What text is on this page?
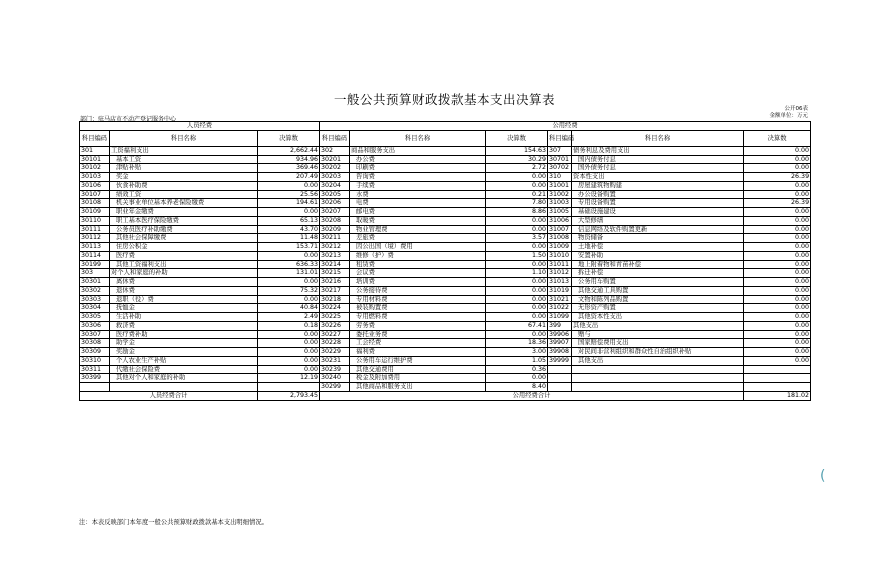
一般公共预算财政拨款基本支出决算表
公开06表
金额单位：万元
部门：驻马店市不动产登记服务中心
人员经费			公用经费					
科目编码	科目名称	决算数	科目编码	科目名称	决算数	科目编码	科目名称	决算数
301	工资福利支出	2,662.44	302	商品和服务支出	154.63	307	债务利息及费用支出	0.00
30101	基本工资	934.96	30201	办公费	30.29	30701	国内债务付息	0.00
30102	津贴补贴	369.46	30202	印刷费	2.72	30702	国外债务付息	0.00
30103	奖金	207.49	30203	咨询费	0.00	310	资本性支出	26.39
30106	伙食补助费	0.00	30204	手续费	0.00	31001	房屋建筑物购建	0.00
30107	绩效工资	25.56	30205	水费	0.21	31002	办公设备购置	0.00
30108	机关事业单位基本养老保险缴费	194.61	30206	电费	7.80	31003	专用设备购置	26.39
30109	职业年金缴费	0.00	30207	邮电费	8.86	31005	基础设施建设	0.00
30110	职工基本医疗保险缴费	65.13	30208	取暖费	0.00	31006	大型修缮	0.00
30111	公务员医疗补助缴费	43.70	30209	物业管理费	0.00	31007	信息网络及软件购置更新	0.00
30112	其他社会保障缴费	11.48	30211	差旅费	3.57	31008	物资储备	0.00
30113	住房公积金	153.71	30212	因公出国（境）费用	0.00	31009	土地补偿	0.00
30114	医疗费	0.00	30213	维修（护）费	1.50	31010	安置补助	0.00
30199	其他工资福利支出	636.33	30214	租赁费	0.00	31011	地上附着物和青苗补偿	0.00
303	对个人和家庭的补助	131.01	30215	会议费	1.10	31012	拆迁补偿	0.00
30301	离休费	0.00	30216	培训费	0.00	31013	公务用车购置	0.00
30302	退休费	75.32	30217	公务接待费	0.00	31019	其他交通工具购置	0.00
30303	退职（役）费	0.00	30218	专用材料费	0.00	31021	文物和陈列品购置	0.00
30304	抚恤金	40.84	30224	被装购置费	0.00	31022	无形资产购置	0.00
30305	生活补助	2.49	30225	专用燃料费	0.00	31099	其他资本性支出	0.00
30306	救济费	0.18	30226	劳务费	67.41	399	其他支出	0.00
30307	医疗费补助	0.00	30227	委托业务费	0.00	39906	赠与	0.00
30308	助学金	0.00	30228	工会经费	18.36	39907	国家赔偿费用支出	0.00
30309	奖励金	0.00	30229	福利费	3.00	39908	对民间非营利组织和群众性自治组织补贴	0.00
30310	个人农业生产补贴	0.00	30231	公务用车运行维护费	1.05	39999	其他支出	0.00
30311	代缴社会保险费	0.00	30239	其他交通费用	0.36			
30399	其他对个人和家庭的补助	12.19	30240	税金及附加费用	0.00			
			30299	其他商品和服务支出	8.40			
人员经费合计		2,793.45	公用经费合计					181.02
注：本表反映部门本年度一般公共预算财政拨款基本支出明细情况。
(
